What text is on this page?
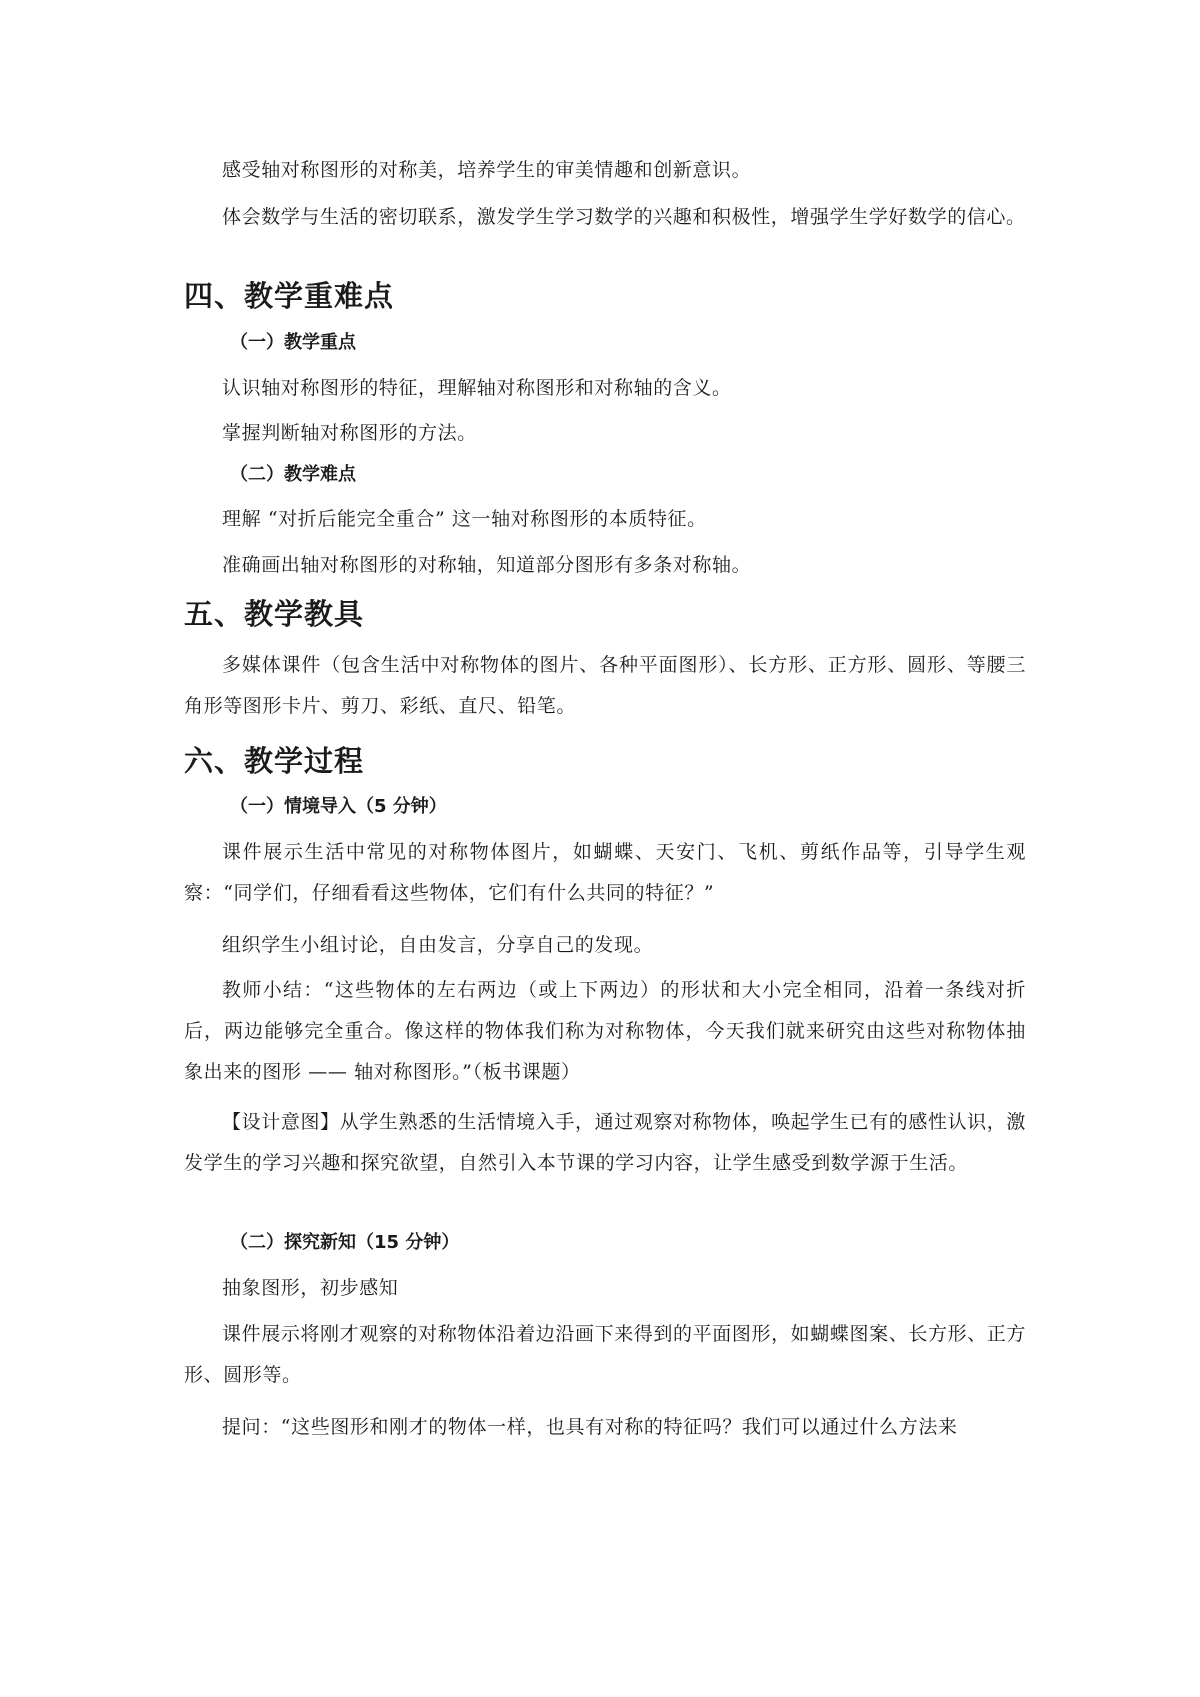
感受轴对称图形的对称美，培养学生的审美情趣和创新意识。

体会数学与生活的密切联系，激发学生学习数学的兴趣和积极性，增强学生学好数学的信心。

四、教学重难点
（一）教学重点

认识轴对称图形的特征，理解轴对称图形和对称轴的含义。

掌握判断轴对称图形的方法。

（二）教学难点

理解 “对折后能完全重合” 这一轴对称图形的本质特征。

准确画出轴对称图形的对称轴，知道部分图形有多条对称轴。

五、教学教具

多媒体课件（包含生活中对称物体的图片、各种平面图形）、长方形、正方形、圆形、等腰三角形等图形卡片、剪刀、彩纸、直尺、铅笔。

六、教学过程
（一）情境导入（5 分钟）

课件展示生活中常见的对称物体图片，如蝴蝶、天安门、飞机、剪纸作品等，引导学生观察：“同学们，仔细看看这些物体，它们有什么共同的特征？”

组织学生小组讨论，自由发言，分享自己的发现。

教师小结：“这些物体的左右两边（或上下两边）的形状和大小完全相同，沿着一条线对折后，两边能够完全重合。像这样的物体我们称为对称物体，今天我们就来研究由这些对称物体抽象出来的图形 —— 轴对称图形。”（板书课题）

【设计意图】从学生熟悉的生活情境入手，通过观察对称物体，唤起学生已有的感性认识，激发学生的学习兴趣和探究欲望，自然引入本节课的学习内容，让学生感受到数学源于生活。

（二）探究新知（15 分钟）

抽象图形，初步感知

课件展示将刚才观察的对称物体沿着边沿画下来得到的平面图形，如蝴蝶图案、长方形、正方形、圆形等。

提问：“这些图形和刚才的物体一样，也具有对称的特征吗？我们可以通过什么方法来
